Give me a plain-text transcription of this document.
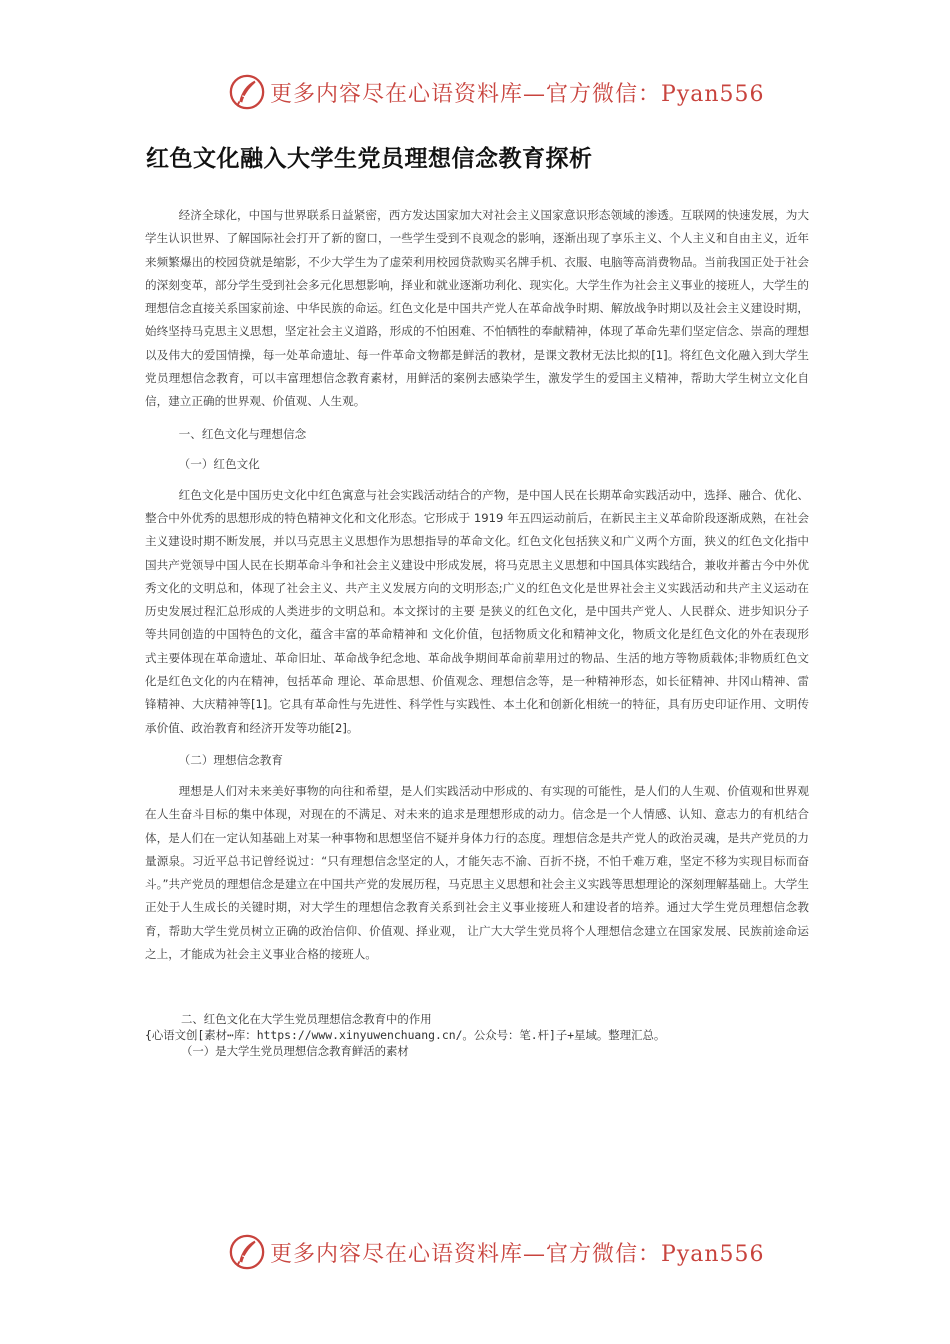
更多内容尽在心语资料库—官方微信：Pyan556
红色文化融入大学生党员理想信念教育探析

经济全球化，中国与世界联系日益紧密，西方发达国家加大对社会主义国家意识形态领域的渗透。互联网的快速发展，为大学生认识世界、了解国际社会打开了新的窗口，一些学生受到不良观念的影响，逐渐出现了享乐主义、个人主义和自由主义，近年来频繁爆出的校园贷就是缩影，不少大学生为了虚荣利用校园贷款购买名牌手机、衣服、电脑等高消费物品。当前我国正处于社会的深刻变革，部分学生受到社会多元化思想影响，择业和就业逐渐功利化、现实化。大学生作为社会主义事业的接班人，大学生的理想信念直接关系国家前途、中华民族的命运。红色文化是中国共产党人在革命战争时期、解放战争时期以及社会主义建设时期，始终坚持马克思主义思想，坚定社会主义道路，形成的不怕困难、不怕牺牲的奉献精神，体现了革命先辈们坚定信念、崇高的理想以及伟大的爱国情操，每一处革命遗址、每一件革命文物都是鲜活的教材，是课文教材无法比拟的[1]。将红色文化融入到大学生党员理想信念教育，可以丰富理想信念教育素材，用鲜活的案例去感染学生，激发学生的爱国主义精神，帮助大学生树立文化自信，建立正确的世界观、价值观、人生观。

一、红色文化与理想信念

（一）红色文化

红色文化是中国历史文化中红色寓意与社会实践活动结合的产物，是中国人民在长期革命实践活动中，选择、融合、优化、整合中外优秀的思想形成的特色精神文化和文化形态。它形成于 1919 年五四运动前后，在新民主主义革命阶段逐渐成熟，在社会主义建设时期不断发展，并以马克思主义思想作为思想指导的革命文化。红色文化包括狭义和广义两个方面，狭义的红色文化指中国共产党领导中国人民在长期革命斗争和社会主义建设中形成发展，将马克思主义思想和中国具体实践结合，兼收并蓄古今中外优秀文化的文明总和，体现了社会主义、共产主义发展方向的文明形态;广义的红色文化是世界社会主义实践活动和共产主义运动在历史发展过程汇总形成的人类进步的文明总和。本文探讨的主要 是狭义的红色文化，是中国共产党人、人民群众、进步知识分子等共同创造的中国特色的文化，蕴含丰富的革命精神和 文化价值，包括物质文化和精神文化，物质文化是红色文化的外在表现形式主要体现在革命遗址、革命旧址、革命战争纪念地、革命战争期间革命前辈用过的物品、生活的地方等物质载体;非物质红色文化是红色文化的内在精神，包括革命 理论、革命思想、价值观念、理想信念等，是一种精神形态，如长征精神、井冈山精神、雷锋精神、大庆精神等[1]。它具有革命性与先进性、科学性与实践性、本土化和创新化相统一的特征，具有历史印证作用、文明传承价值、政治教育和经济开发等功能[2]。

（二）理想信念教育

理想是人们对未来美好事物的向往和希望，是人们实践活动中形成的、有实现的可能性，是人们的人生观、价值观和世界观在人生奋斗目标的集中体现，对现在的不满足、对未来的追求是理想形成的动力。信念是一个人情感、认知、意志力的有机结合体，是人们在一定认知基础上对某一种事物和思想坚信不疑并身体力行的态度。理想信念是共产党人的政治灵魂，是共产党员的力量源泉。习近平总书记曾经说过：“只有理想信念坚定的人，才能矢志不渝、百折不挠，不怕千难万难，坚定不移为实现目标而奋斗。”共产党员的理想信念是建立在中国共产党的发展历程，马克思主义思想和社会主义实践等思想理论的深刻理解基础上。大学生正处于人生成长的关键时期，对大学生的理想信念教育关系到社会主义事业接班人和建设者的培养。通过大学生党员理想信念教育，帮助大学生党员树立正确的政治信仰、价值观、择业观， 让广大大学生党员将个人理想信念建立在国家发展、民族前途命运之上，才能成为社会主义事业合格的接班人。

二、红色文化在大学生党员理想信念教育中的作用
{心语文创[素材⋯库：https://www.xinyuwenchuang.cn/。公众号：笔.杆]子+星域。整理汇总。
（一）是大学生党员理想信念教育鲜活的素材
更多内容尽在心语资料库—官方微信：Pyan556
